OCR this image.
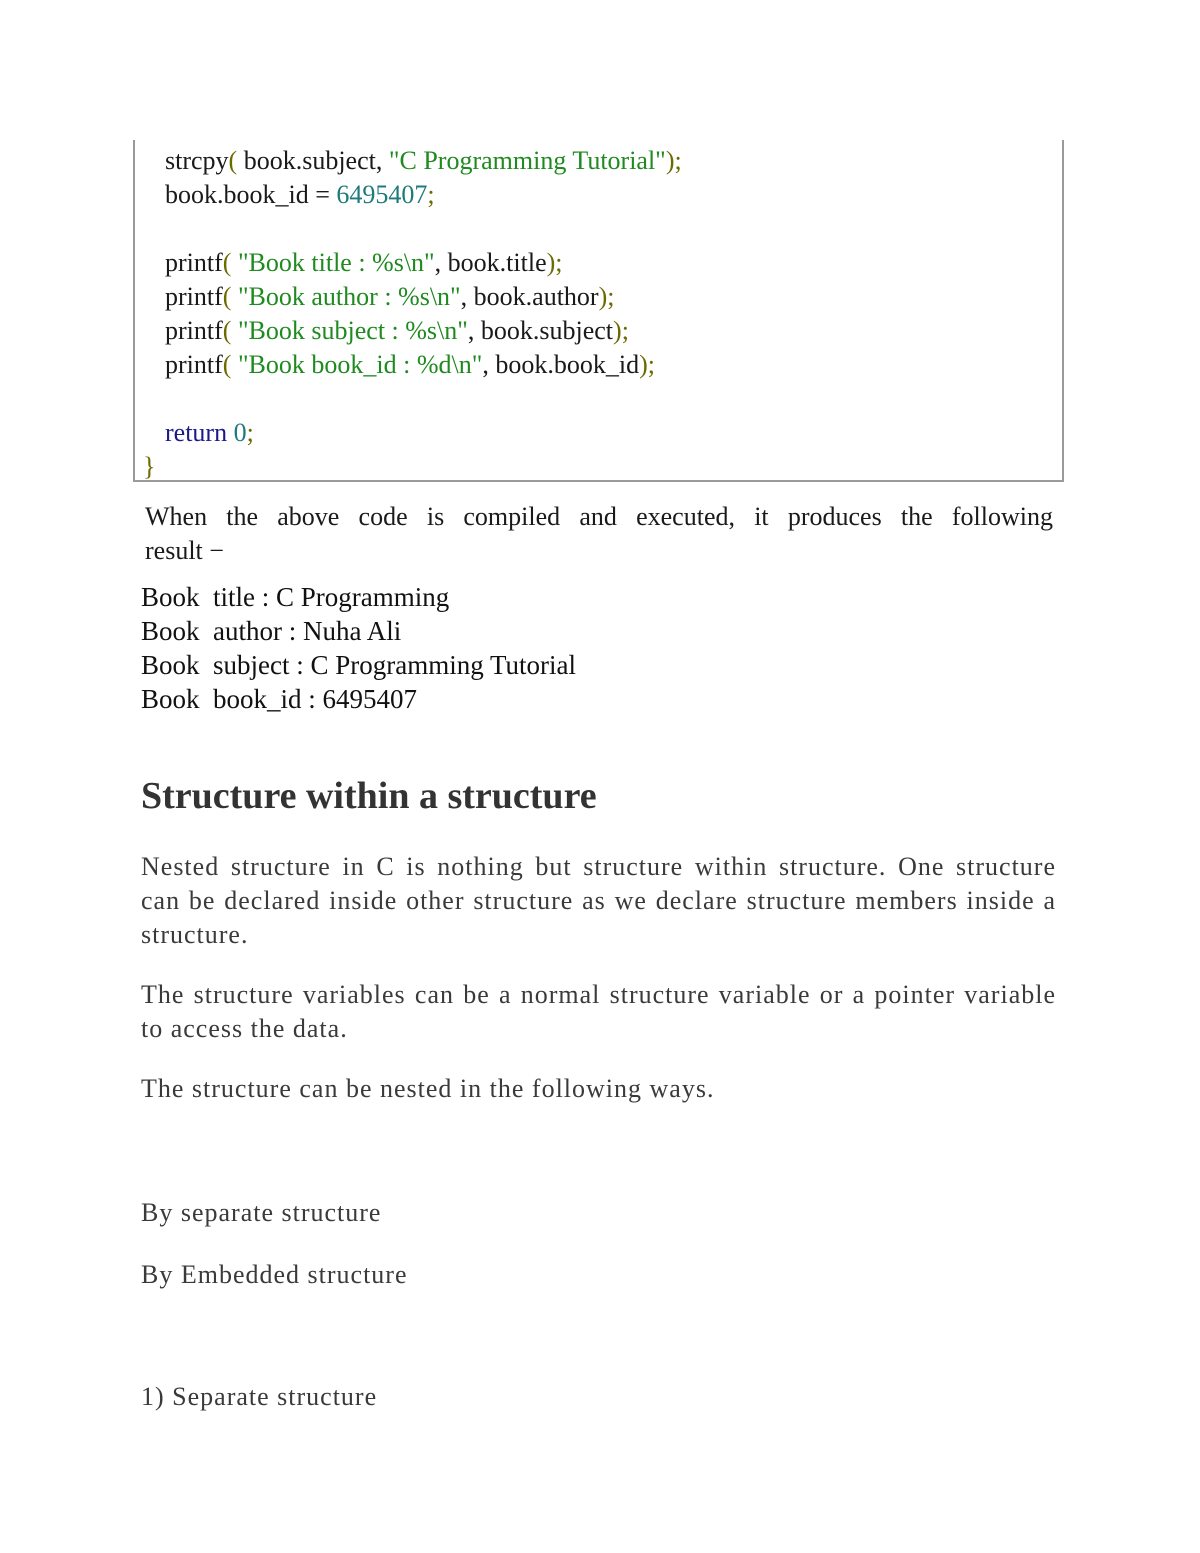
strcpy( book.subject, "C Programming Tutorial");
book.book_id = 6495407;
printf( "Book title : %s\n", book.title);
printf( "Book author : %s\n", book.author);
printf( "Book subject : %s\n", book.subject);
printf( "Book book_id : %d\n", book.book_id);
return 0;
}
When the above code is compiled and executed, it produces the following
result −
Book  title : C Programming
Book  author : Nuha Ali
Book  subject : C Programming Tutorial
Book  book_id : 6495407
Structure within a structure
Nested structure in C is nothing but structure within structure. One structure can be declared inside other structure as we declare structure members inside a structure.
The structure variables can be a normal structure variable or a pointer variable to access the data.
The structure can be nested in the following ways.
By separate structure
By Embedded structure
1) Separate structure
